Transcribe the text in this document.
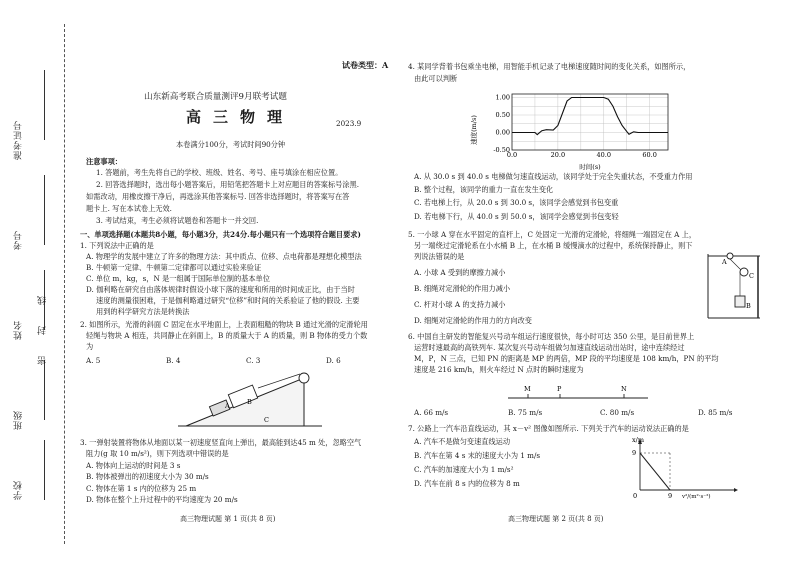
准考证号
考号
姓名
班级
学校
密
封
线
试卷类型：A
山东新高考联合质量测评9月联考试题
高三物理	2023.9
本卷满分100分，考试时间90分钟
注意事项：
1. 答题前，考生先将自己的学校、班级、姓名、考号、座号填涂在相应位置。
2. 回答选择题时，选出每小题答案后，用铅笔把答题卡上对应题目的答案标号涂黑.
如需改动，用橡皮擦干净后，再选涂其他答案标号. 回答非选择题时，将答案写在答
题卡上. 写在本试卷上无效.
3. 考试结束，考生必须将试题卷和答题卡一并交回.
一、单项选择题(本题共8小题，每小题3分，共24分.每小题只有一个选项符合题目要求)
1. 下列说法中正确的是
A. 物理学的发展中建立了许多的物理方法：其中质点、位移、点电荷都是理想化模型法
B. 牛顿第一定律、牛顿第二定律都可以通过实验来验证
C. 单位 m，kg，s，N 是一组属于国际单位制的基本单位
D. 伽利略在研究自由落体规律时假设小球下落的速度和所用的时间成正比，由于当时
速度的测量很困难，于是伽利略通过研究“位移”和时间的关系验证了他的假设. 主要
用到的科学研究方法是转换法
2. 如图所示，光滑的斜面 C 固定在水平地面上，上表面粗糙的物块 B 通过光滑的定滑轮用
轻绳与物块 A 相连，共同静止在斜面上，B 的质量大于 A 的质量，则 B 物体的受力个数
为
A. 5	B. 4	C. 3	D. 6
A	B
C
3. 一弹射装置将物体从地面以某一初速度竖直向上弹出，最高能到达45 m 处，忽略空气
阻力(g 取 10 m/s²)，则下列选项中错误的是
A. 物体向上运动的时间是 3 s
B. 物体被弹出的初速度大小为 30 m/s
C. 物体在第 1 s 内的位移为 25 m
D. 物体在整个上升过程中的平均速度为 20 m/s
高三物理试题 第 1 页(共 8 页)
4. 某同学背着书包乘坐电梯，用智能手机记录了电梯速度随时间的变化关系，如图所示，
由此可以判断
-0.50
0.00
0.50
1.00
0.0	20.0	40.0	60.0
速度(m/s)
时间(s)
A. 从 30.0 s 到 40.0 s 电梯做匀速直线运动，该同学处于完全失重状态，不受重力作用
B. 整个过程，该同学的重力一直在发生变化
C. 若电梯上行，从 20.0 s 到 30.0 s，该同学会感觉到书包变重
D. 若电梯下行，从 40.0 s 到 50.0 s，该同学会感觉到书包变轻
5. 一小球 A 穿在水平固定的直杆上，C 处固定一光滑的定滑轮，将细绳一端固定在 A 上，
另一端绕过定滑轮系在小水桶 B 上，在水桶 B 缓慢滴水的过程中，系统保持静止，则下
列说法错误的是
A. 小球 A 受到的摩擦力减小
B. 细绳对定滑轮的作用力减小
C. 杆对小球 A 的支持力减小
D. 细绳对定滑轮的作用力的方向改变
A
C
B
6. 中国自主研发的智能复兴号动车组运行速度很快，每小时可达 350 公里，是目前世界上
运营时速最高的高铁列车. 某次复兴号动车组做匀加速直线运动出站时，途中连续经过
M，P，N 三点，已知 PN 的距离是 MP 的两倍，MP 段的平均速度是 108 km/h，PN 的平均
速度是 216 km/h，则火车经过 N 点时的瞬时速度为
M	P	N
A. 66 m/s	B. 75 m/s	C. 80 m/s	D. 85 m/s
7. 公路上一汽车沿直线运动，其 x－v² 图像如图所示. 下列关于汽车的运动说法正确的是
A. 汽车不是做匀变速直线运动
B. 汽车在第 4 s 末的速度大小为 1 m/s
C. 汽车的加速度大小为 1 m/s²
D. 汽车在前 8 s 内的位移为 8 m
x/m
9
0	9 v²/(m²·s⁻²)
高三物理试题 第 2 页(共 8 页)
